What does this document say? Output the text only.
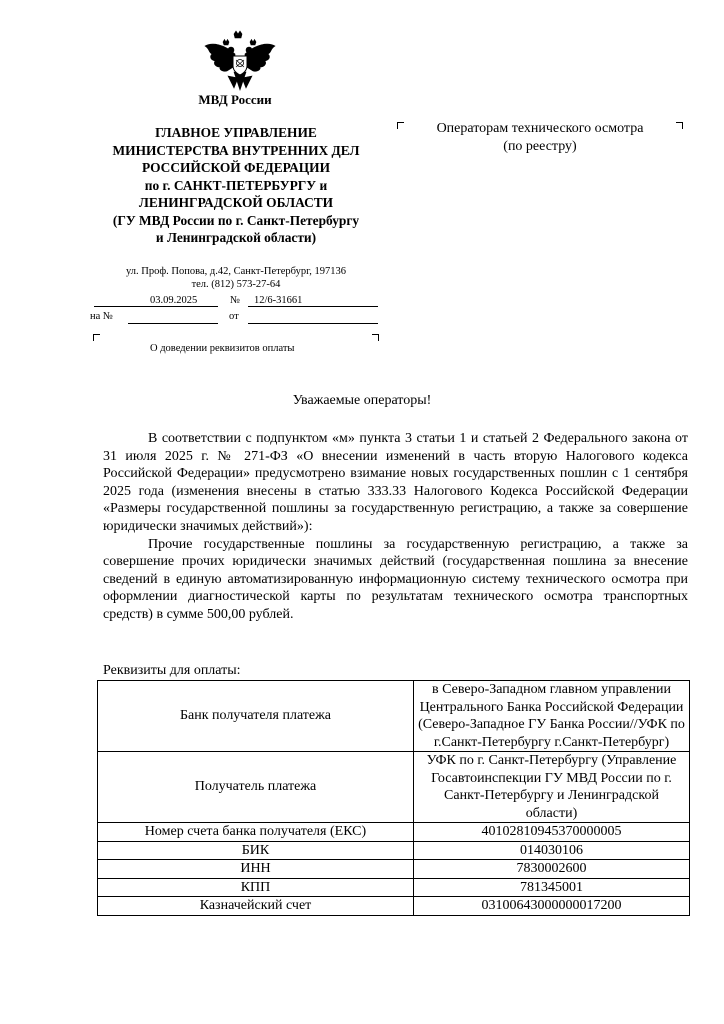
МВД России
ГЛАВНОЕ УПРАВЛЕНИЕ
МИНИСТЕРСТВА ВНУТРЕННИХ ДЕЛ
РОССИЙСКОЙ ФЕДЕРАЦИИ
по г. САНКТ-ПЕТЕРБУРГУ и
ЛЕНИНГРАДСКОЙ ОБЛАСТИ
(ГУ МВД России по г. Санкт-Петербургу
и Ленинградской области)
ул. Проф. Попова, д.42, Санкт-Петербург, 197136
тел. (812) 573-27-64
03.09.2025	№ 12/6-31661
на №	от
О доведении реквизитов оплаты
Операторам технического осмотра
(по реестру)
Уважаемые операторы!

В соответствии с подпунктом «м» пункта 3 статьи 1 и статьей 2 Федерального закона от 31 июля 2025 г. № 271-ФЗ «О внесении изменений в часть вторую Налогового кодекса Российской Федерации» предусмотрено взимание новых государственных пошлин с 1 сентября 2025 года (изменения внесены в статью 333.33 Налогового Кодекса Российской Федерации «Размеры государственной пошлины за государственную регистрацию, а также за совершение юридически значимых действий»):

Прочие государственные пошлины за государственную регистрацию, а также за совершение прочих юридически значимых действий (государственная пошлина за внесение сведений в единую автоматизированную информационную систему технического осмотра при оформлении диагностической карты по результатам технического осмотра транспортных средств) в сумме 500,00 рублей.

Реквизиты для оплаты:
Банк получателя платежа	в Северо-Западном главном управлении Центрального Банка Российской Федерации (Северо-Западное ГУ Банка России//УФК по г.Санкт-Петербургу г.Санкт-Петербург)
Получатель платежа	УФК по г. Санкт-Петербургу (Управление Госавтоинспекции ГУ МВД России по г. Санкт-Петербургу и Ленинградской области)
Номер счета банка получателя (ЕКС)	40102810945370000005
БИК	014030106
ИНН	7830002600
КПП	781345001
Казначейский счет	03100643000000017200
